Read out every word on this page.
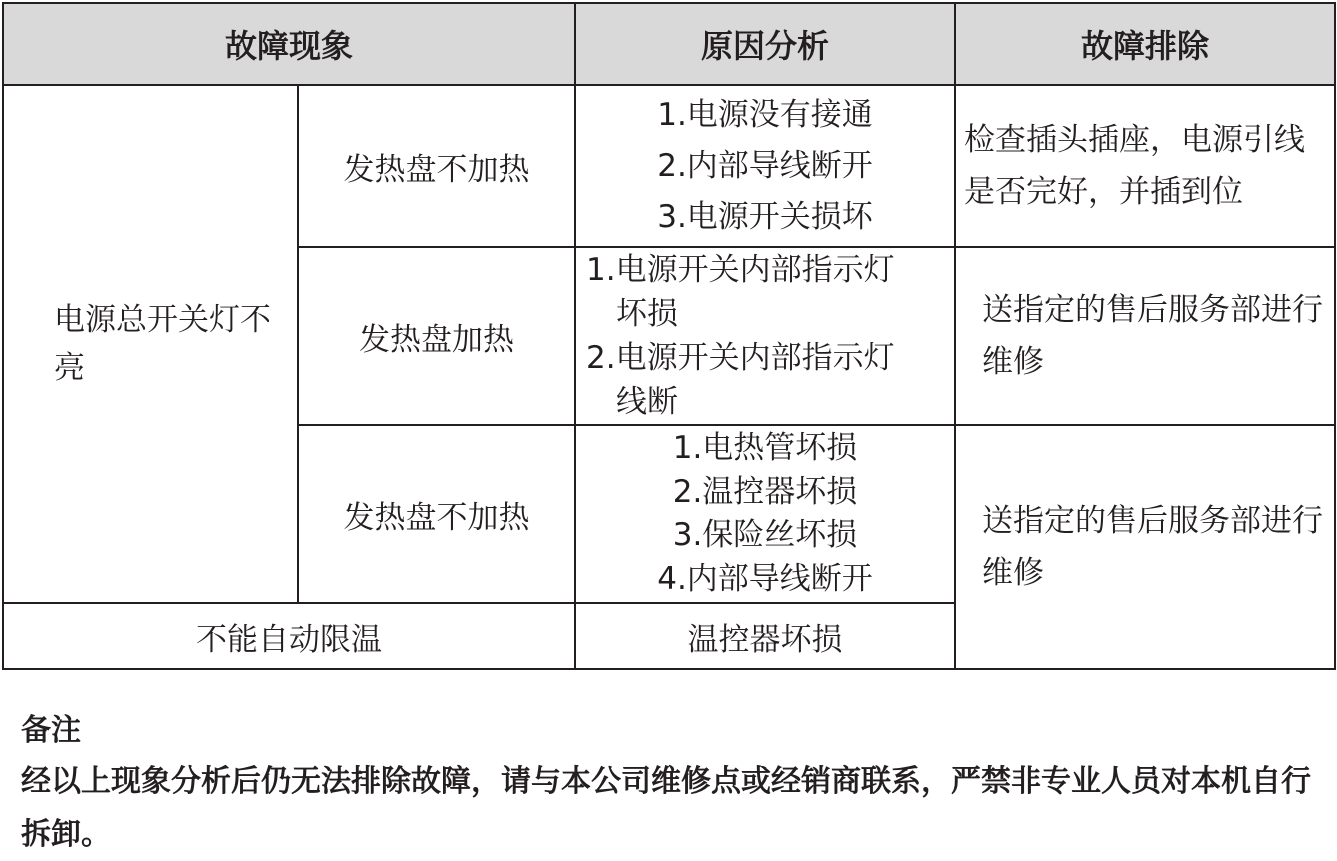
故障现象		原因分析	故障排除
电源总开关灯不亮	发热盘不加热	1.电源没有接通
2.内部导线断开
3.电源开关损坏	检查插头插座，电源引线是否完好，并插到位
	发热盘加热	1.电源开关内部指示灯
坏损
2.电源开关内部指示灯
线断	送指定的售后服务部进行维修
	发热盘不加热	1.电热管坏损
2.温控器坏损
3.保险丝坏损
4.内部导线断开	送指定的售后服务部进行维修
不能自动限温		温控器坏损	
备注
经以上现象分析后仍无法排除故障，请与本公司维修点或经销商联系，严禁非专业人员对本机自行拆卸。
